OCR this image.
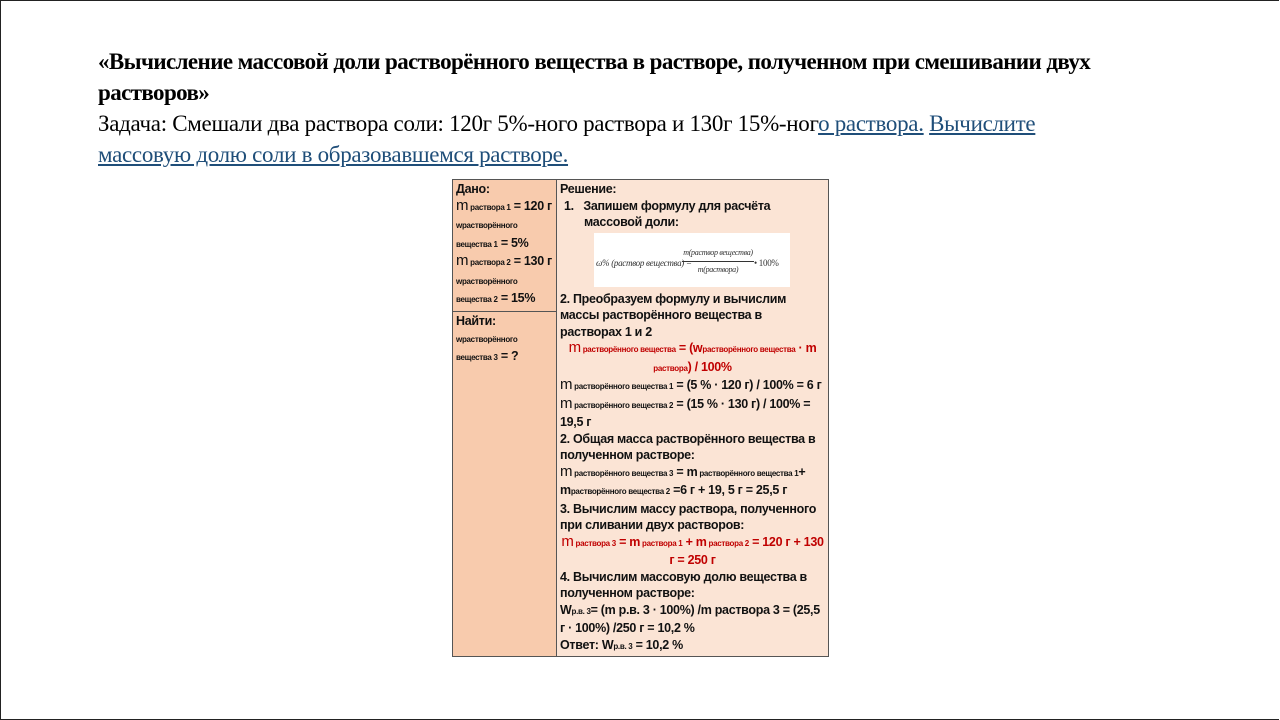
«Вычисление массовой доли растворённого вещества в растворе, полученном при смешивании двух растворов»
Задача: Смешали два раствора соли: 120г 5%-ного раствора и 130г 15%-ного раствора. Вычислите массовую долю соли в образовавшемся растворе.
Дано:
m раствора 1 = 120 г
wрастворённого вещества 1 = 5%
m раствора 2 = 130 г
wрастворённого вещества 2 = 15%

Решение:
1. Запишем формулу для расчёта массовой доли:
ω% (раствор вещества) =
m(раствор вещества)
m(раствора)
• 100%
2. Преобразуем формулу и вычислим массы растворённого вещества в растворах 1 и 2
m растворённого вещества = (wрастворённого вещества · m раствора) / 100%
m растворённого вещества 1 = (5 % · 120 г) / 100% = 6 г
m растворённого вещества 2 = (15 % · 130 г) / 100% = 19,5 г
2. Общая масса растворённого вещества в полученном растворе:
m растворённого вещества 3 = m растворённого вещества 1+ mрастворённого вещества 2 =6 г + 19, 5 г = 25,5 г
3. Вычислим массу раствора, полученного при сливании двух растворов:
m раствора 3 = m раствора 1 + m раствора 2 = 120 г + 130 г = 250 г
4. Вычислим массовую долю вещества в полученном растворе:
Wр.в. 3= (m р.в. 3 · 100%) /m раствора 3 = (25,5 г · 100%) /250 г = 10,2 %
Ответ: Wр.в. 3 = 10,2 %

Найти:
wрастворённого вещества 3 = ?
